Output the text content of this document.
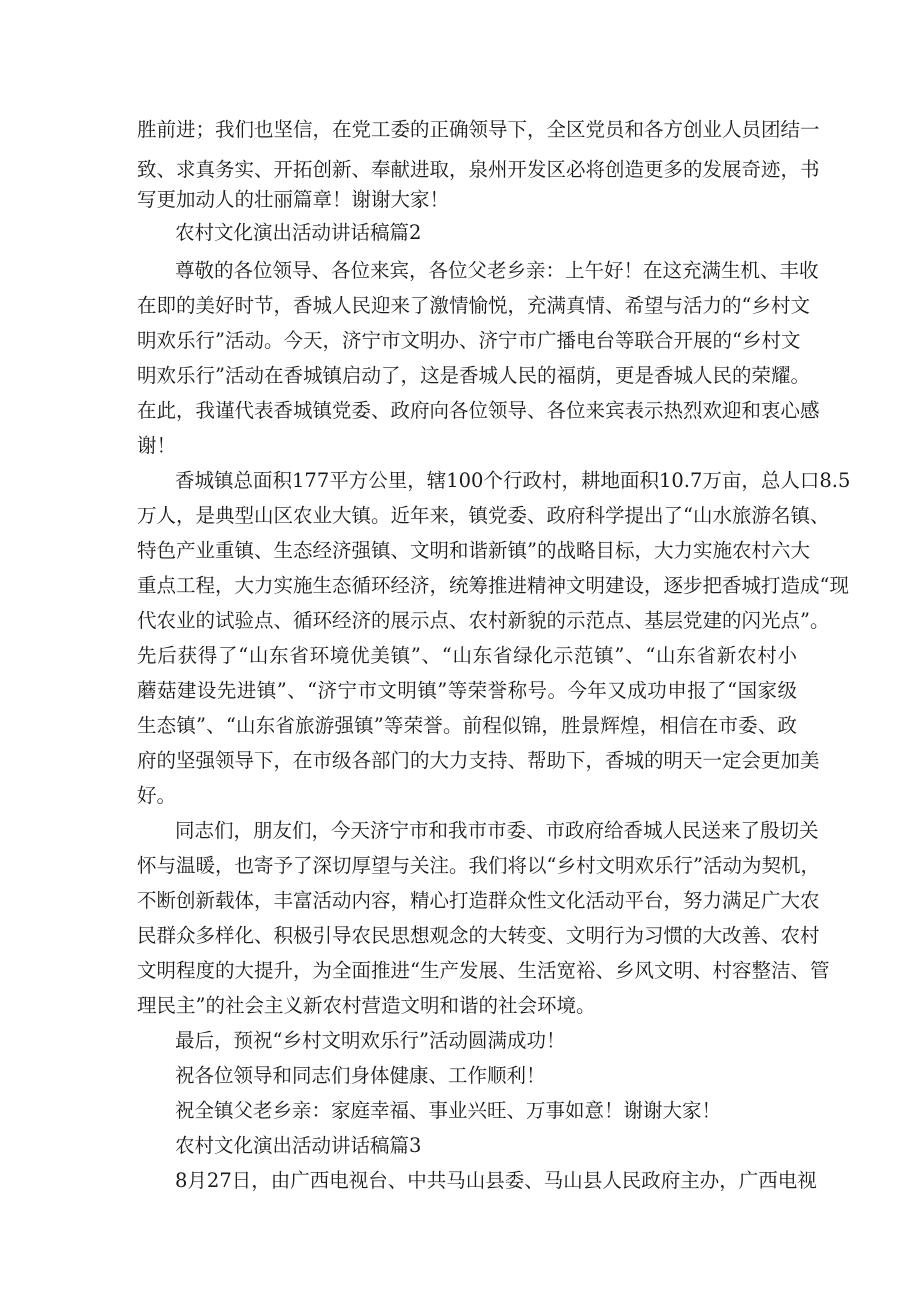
胜前进；我们也坚信，在党工委的正确领导下，全区党员和各方创业人员团结一
致、求真务实、开拓创新、奉献进取，泉州开发区必将创造更多的发展奇迹，书
写更加动人的壮丽篇章！谢谢大家！
农村文化演出活动讲话稿篇2
尊敬的各位领导、各位来宾，各位父老乡亲：上午好！在这充满生机、丰收
在即的美好时节，香城人民迎来了激情愉悦，充满真情、希望与活力的“乡村文
明欢乐行”活动。今天，济宁市文明办、济宁市广播电台等联合开展的“乡村文
明欢乐行”活动在香城镇启动了，这是香城人民的福荫，更是香城人民的荣耀。
在此，我谨代表香城镇党委、政府向各位领导、各位来宾表示热烈欢迎和衷心感
谢！
香城镇总面积177平方公里，辖100个行政村，耕地面积10.7万亩，总人口8.5
万人，是典型山区农业大镇。近年来，镇党委、政府科学提出了“山水旅游名镇、
特色产业重镇、生态经济强镇、文明和谐新镇”的战略目标，大力实施农村六大
重点工程，大力实施生态循环经济，统筹推进精神文明建设，逐步把香城打造成“现
代农业的试验点、循环经济的展示点、农村新貌的示范点、基层党建的闪光点”。
先后获得了“山东省环境优美镇”、“山东省绿化示范镇”、“山东省新农村小
蘑菇建设先进镇”、“济宁市文明镇”等荣誉称号。今年又成功申报了“国家级
生态镇”、“山东省旅游强镇”等荣誉。前程似锦，胜景辉煌，相信在市委、政
府的坚强领导下，在市级各部门的大力支持、帮助下，香城的明天一定会更加美
好。
同志们，朋友们，今天济宁市和我市市委、市政府给香城人民送来了殷切关
怀与温暖，也寄予了深切厚望与关注。我们将以“乡村文明欢乐行”活动为契机，
不断创新载体，丰富活动内容，精心打造群众性文化活动平台，努力满足广大农
民群众多样化、积极引导农民思想观念的大转变、文明行为习惯的大改善、农村
文明程度的大提升，为全面推进“生产发展、生活宽裕、乡风文明、村容整洁、管
理民主”的社会主义新农村营造文明和谐的社会环境。
最后，预祝“乡村文明欢乐行”活动圆满成功！
祝各位领导和同志们身体健康、工作顺利！
祝全镇父老乡亲：家庭幸福、事业兴旺、万事如意！谢谢大家！
农村文化演出活动讲话稿篇3
8月27日，由广西电视台、中共马山县委、马山县人民政府主办，广西电视
